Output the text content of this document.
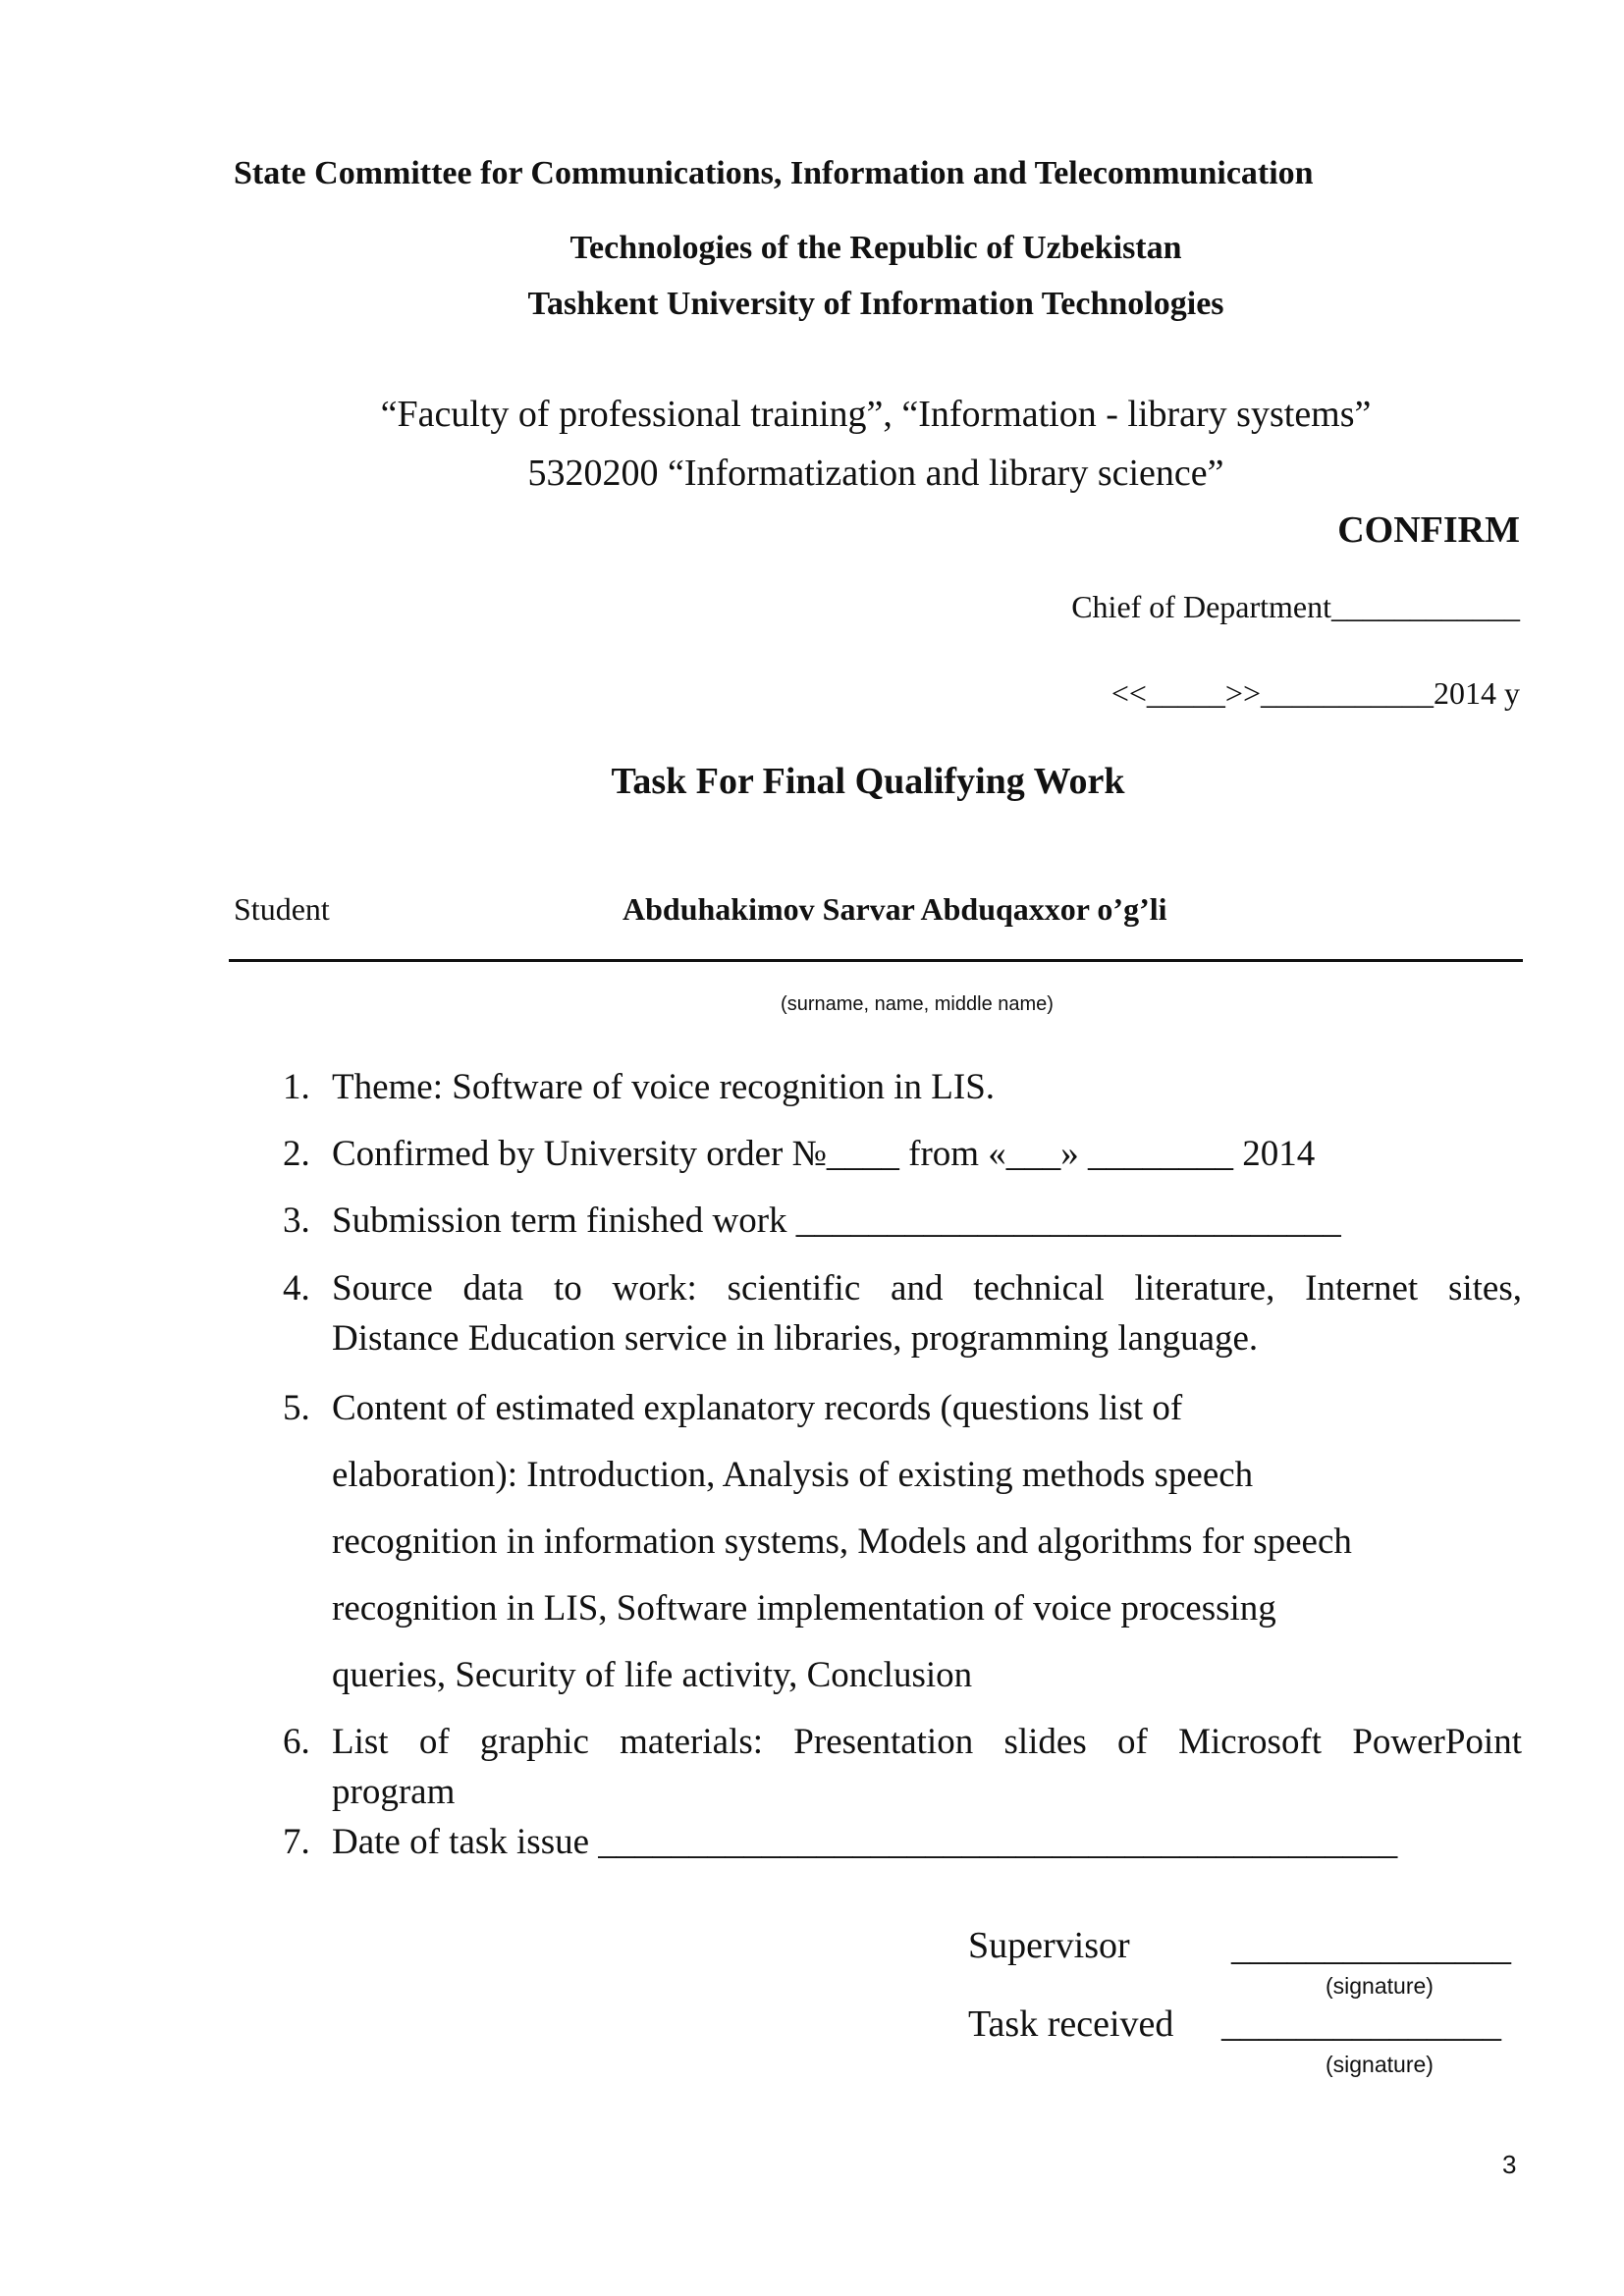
State Committee for Communications, Information and Telecommunication
Technologies of the Republic of Uzbekistan
Tashkent University of Information Technologies
“Faculty of professional training”, “Information - library systems”
5320200 “Informatization and library science”
CONFIRM
Chief of Department____________
<<_____>>___________2014 y
Task For Final Qualifying Work
Student	Abduhakimov Sarvar Abduqaxxor o’g’li
(surname, name, middle name)
1. Theme: Software of voice recognition in LIS.
2. Confirmed by University order №____ from «___» ________ 2014
3. Submission term finished work ______________________________
4. Source data to work: scientific and technical literature, Internet sites,
Distance Education service in libraries, programming language.
5. Content of estimated explanatory records (questions list of
elaboration): Introduction, Analysis of existing methods speech
recognition in information systems, Models and algorithms for speech
recognition in LIS, Software implementation of voice processing
queries, Security of life activity, Conclusion
6. List of graphic materials: Presentation slides of Microsoft PowerPoint
program
7. Date of task issue ____________________________________________
Supervisor	_______________
(signature)
Task received _______________
(signature)
3
